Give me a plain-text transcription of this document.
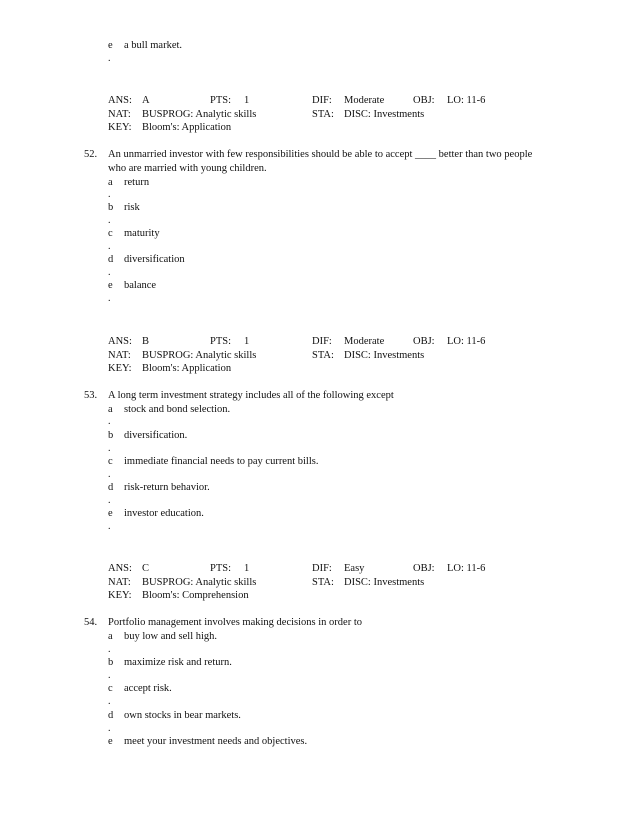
e a bull market.
.
ANS: A	PTS: 1	DIF: Moderate	OBJ: LO: 11-6
NAT: BUSPROG: Analytic skills	STA: DISC: Investments
KEY: Bloom's: Application
52. An unmarried investor with few responsibilities should be able to accept ____ better than two people
who are married with young children.
a return
.
b risk
.
c maturity
.
d diversification
.
e balance
.
ANS: B	PTS: 1	DIF: Moderate	OBJ: LO: 11-6
NAT: BUSPROG: Analytic skills	STA: DISC: Investments
KEY: Bloom's: Application
53. A long term investment strategy includes all of the following except
a stock and bond selection.
.
b diversification.
.
c immediate financial needs to pay current bills.
.
d risk-return behavior.
.
e investor education.
.
ANS: C	PTS: 1	DIF: Easy	OBJ: LO: 11-6
NAT: BUSPROG: Analytic skills	STA: DISC: Investments
KEY: Bloom's: Comprehension
54. Portfolio management involves making decisions in order to
a buy low and sell high.
.
b maximize risk and return.
.
c accept risk.
.
d own stocks in bear markets.
.
e meet your investment needs and objectives.
